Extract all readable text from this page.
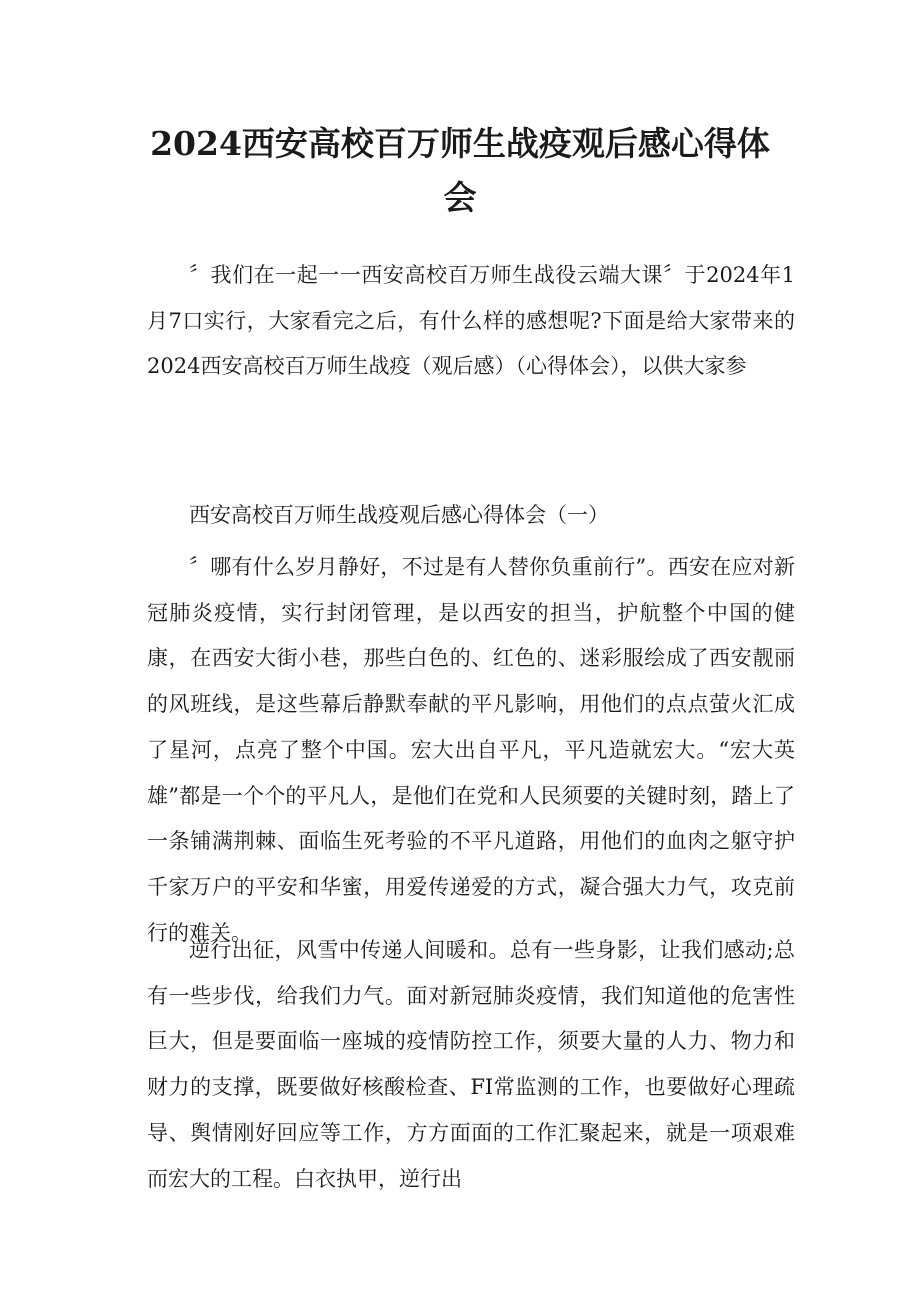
2024西安高校百万师生战疫观后感心得体会

〞我们在一起一一西安高校百万师生战役云端大课〞于2024年1月7口实行，大家看完之后，有什么样的感想呢?下面是给大家带来的2024西安高校百万师生战疫（观后感）（心得体会），以供大家参

西安高校百万师生战疫观后感心得体会（一）

〞哪有什么岁月静好，不过是有人替你负重前行”。西安在应对新冠肺炎疫情，实行封闭管理，是以西安的担当，护航整个中国的健康，在西安大街小巷，那些白色的、红色的、迷彩服绘成了西安靓丽的风班线，是这些幕后静默奉献的平凡影响，用他们的点点萤火汇成了星河，点亮了整个中国。宏大出自平凡，平凡造就宏大。“宏大英雄”都是一个个的平凡人，是他们在党和人民须要的关键时刻，踏上了一条铺满荆棘、面临生死考验的不平凡道路，用他们的血肉之躯守护千家万户的平安和华蜜，用爱传递爱的方式，凝合强大力气，攻克前行的难关。

逆行出征，风雪中传递人间暖和。总有一些身影，让我们感动;总有一些步伐，给我们力气。面对新冠肺炎疫情，我们知道他的危害性巨大，但是要面临一座城的疫情防控工作，须要大量的人力、物力和财力的支撑，既要做好核酸检查、FI常监测的工作，也要做好心理疏导、舆情刚好回应等工作，方方面面的工作汇聚起来，就是一项艰难而宏大的工程。白衣执甲，逆行出
